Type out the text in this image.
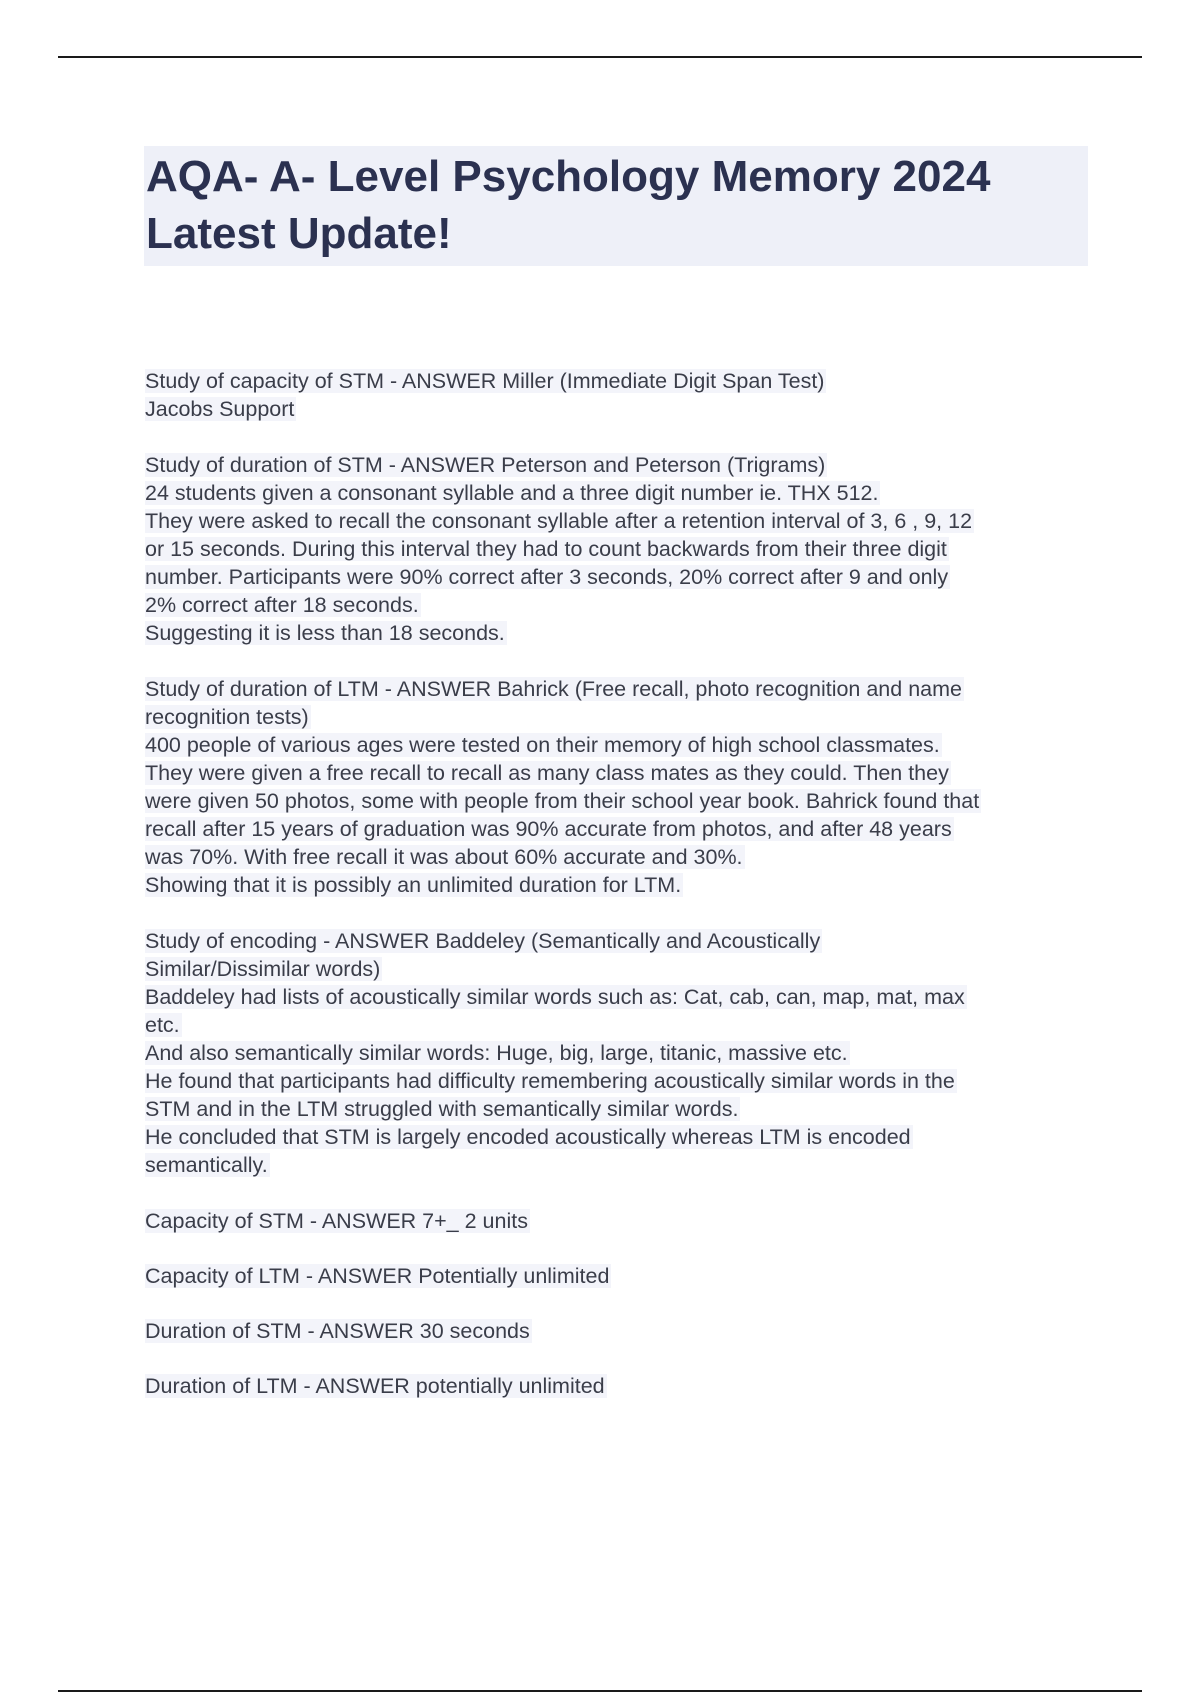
AQA- A- Level Psychology Memory 2024
Latest Update!
Study of capacity of STM - ANSWER Miller (Immediate Digit Span Test)
Jacobs Support
Study of duration of STM - ANSWER Peterson and Peterson (Trigrams)
24 students given a consonant syllable and a three digit number ie. THX 512.
They were asked to recall the consonant syllable after a retention interval of 3, 6 , 9, 12
or 15 seconds. During this interval they had to count backwards from their three digit
number. Participants were 90% correct after 3 seconds, 20% correct after 9 and only
2% correct after 18 seconds.
Suggesting it is less than 18 seconds.
Study of duration of LTM - ANSWER Bahrick (Free recall, photo recognition and name
recognition tests)
400 people of various ages were tested on their memory of high school classmates.
They were given a free recall to recall as many class mates as they could. Then they
were given 50 photos, some with people from their school year book. Bahrick found that
recall after 15 years of graduation was 90% accurate from photos, and after 48 years
was 70%. With free recall it was about 60% accurate and 30%.
Showing that it is possibly an unlimited duration for LTM.
Study of encoding - ANSWER Baddeley (Semantically and Acoustically
Similar/Dissimilar words)
Baddeley had lists of acoustically similar words such as: Cat, cab, can, map, mat, max
etc.
And also semantically similar words: Huge, big, large, titanic, massive etc.
He found that participants had difficulty remembering acoustically similar words in the
STM and in the LTM struggled with semantically similar words.
He concluded that STM is largely encoded acoustically whereas LTM is encoded
semantically.
Capacity of STM - ANSWER 7+_ 2 units
Capacity of LTM - ANSWER Potentially unlimited
Duration of STM - ANSWER 30 seconds
Duration of LTM - ANSWER potentially unlimited
